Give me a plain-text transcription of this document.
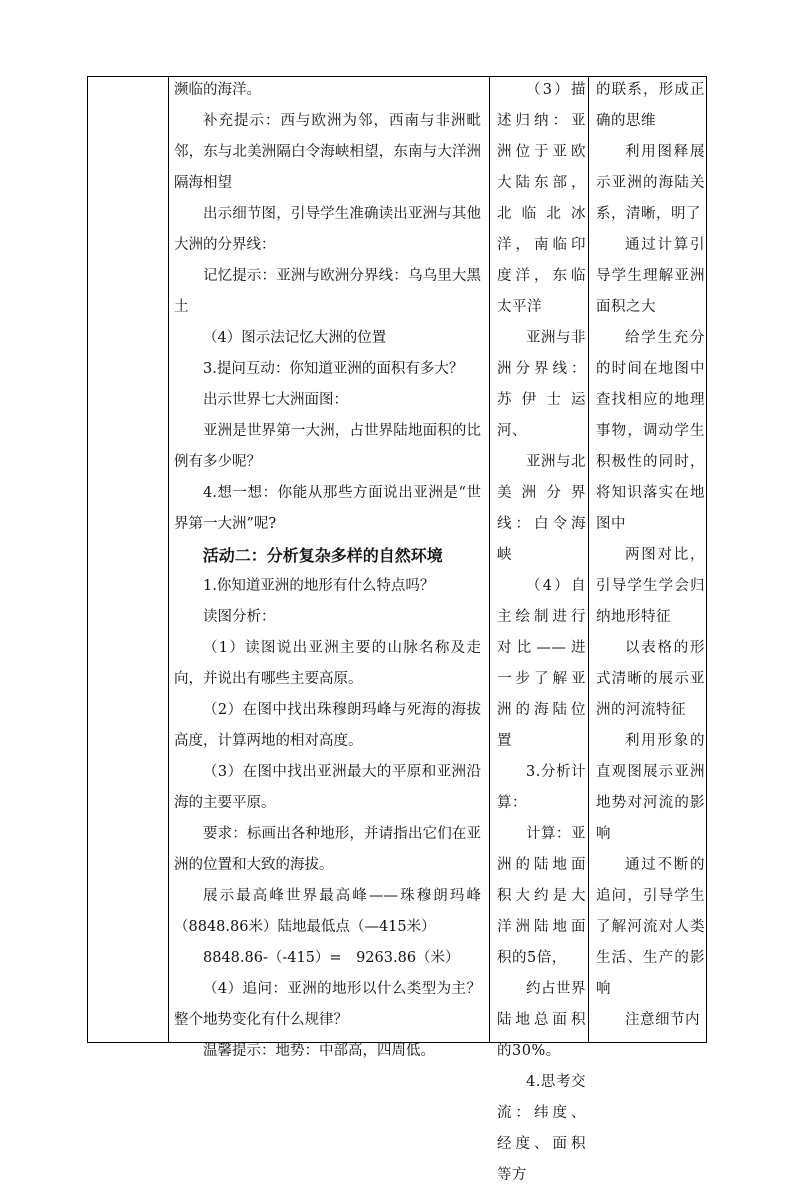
濒临的海洋。

补充提示：西与欧洲为邻，西南与非洲毗邻，东与北美洲隔白令海峡相望，东南与大洋洲隔海相望

出示细节图，引导学生准确读出亚洲与其他大洲的分界线：

记忆提示：亚洲与欧洲分界线：乌乌里大黑土

（4）图示法记忆大洲的位置

3.提问互动：你知道亚洲的面积有多大？

出示世界七大洲面图：

亚洲是世界第一大洲，占世界陆地面积的比例有多少呢？

4.想一想：你能从那些方面说出亚洲是“世界第一大洲”呢?

活动二：分析复杂多样的自然环境

1.你知道亚洲的地形有什么特点吗？

读图分析：

（1）读图说出亚洲主要的山脉名称及走向，并说出有哪些主要高原。

（2）在图中找出珠穆朗玛峰与死海的海拔高度，计算两地的相对高度。

（3）在图中找出亚洲最大的平原和亚洲沿海的主要平原。

要求：标画出各种地形，并请指出它们在亚洲的位置和大致的海拔。

展示最高峰世界最高峰——珠穆朗玛峰（8848.86米）陆地最低点（—415米）

8848.86-（-415）=　9263.86（米）

（4）追问：亚洲的地形以什么类型为主？整个地势变化有什么规律？

温馨提示：地势：中部高，四周低。

（3）描述归纳：亚洲位于亚欧大陆东部，北临北冰洋，南临印度洋，东临太平洋

亚洲与非洲分界线：苏伊士运河、

亚洲与北美洲分界线：白令海峡

（4）自主绘制进行对比——进一步了解亚洲的海陆位置

3.分析计算：

计算：亚洲的陆地面积大约是大洋洲陆地面积的5倍，

约占世界陆地总面积的30%。

4.思考交流：纬度、经度、面积等方

的联系，形成正确的思维

利用图释展示亚洲的海陆关系，清晰，明了

通过计算引导学生理解亚洲面积之大

给学生充分的时间在地图中查找相应的地理事物，调动学生积极性的同时，将知识落实在地图中

两图对比，引导学生学会归纳地形特征

以表格的形式清晰的展示亚洲的河流特征

利用形象的直观图展示亚洲地势对河流的影响

通过不断的追问，引导学生了解河流对人类生活、生产的影响

注意细节内
